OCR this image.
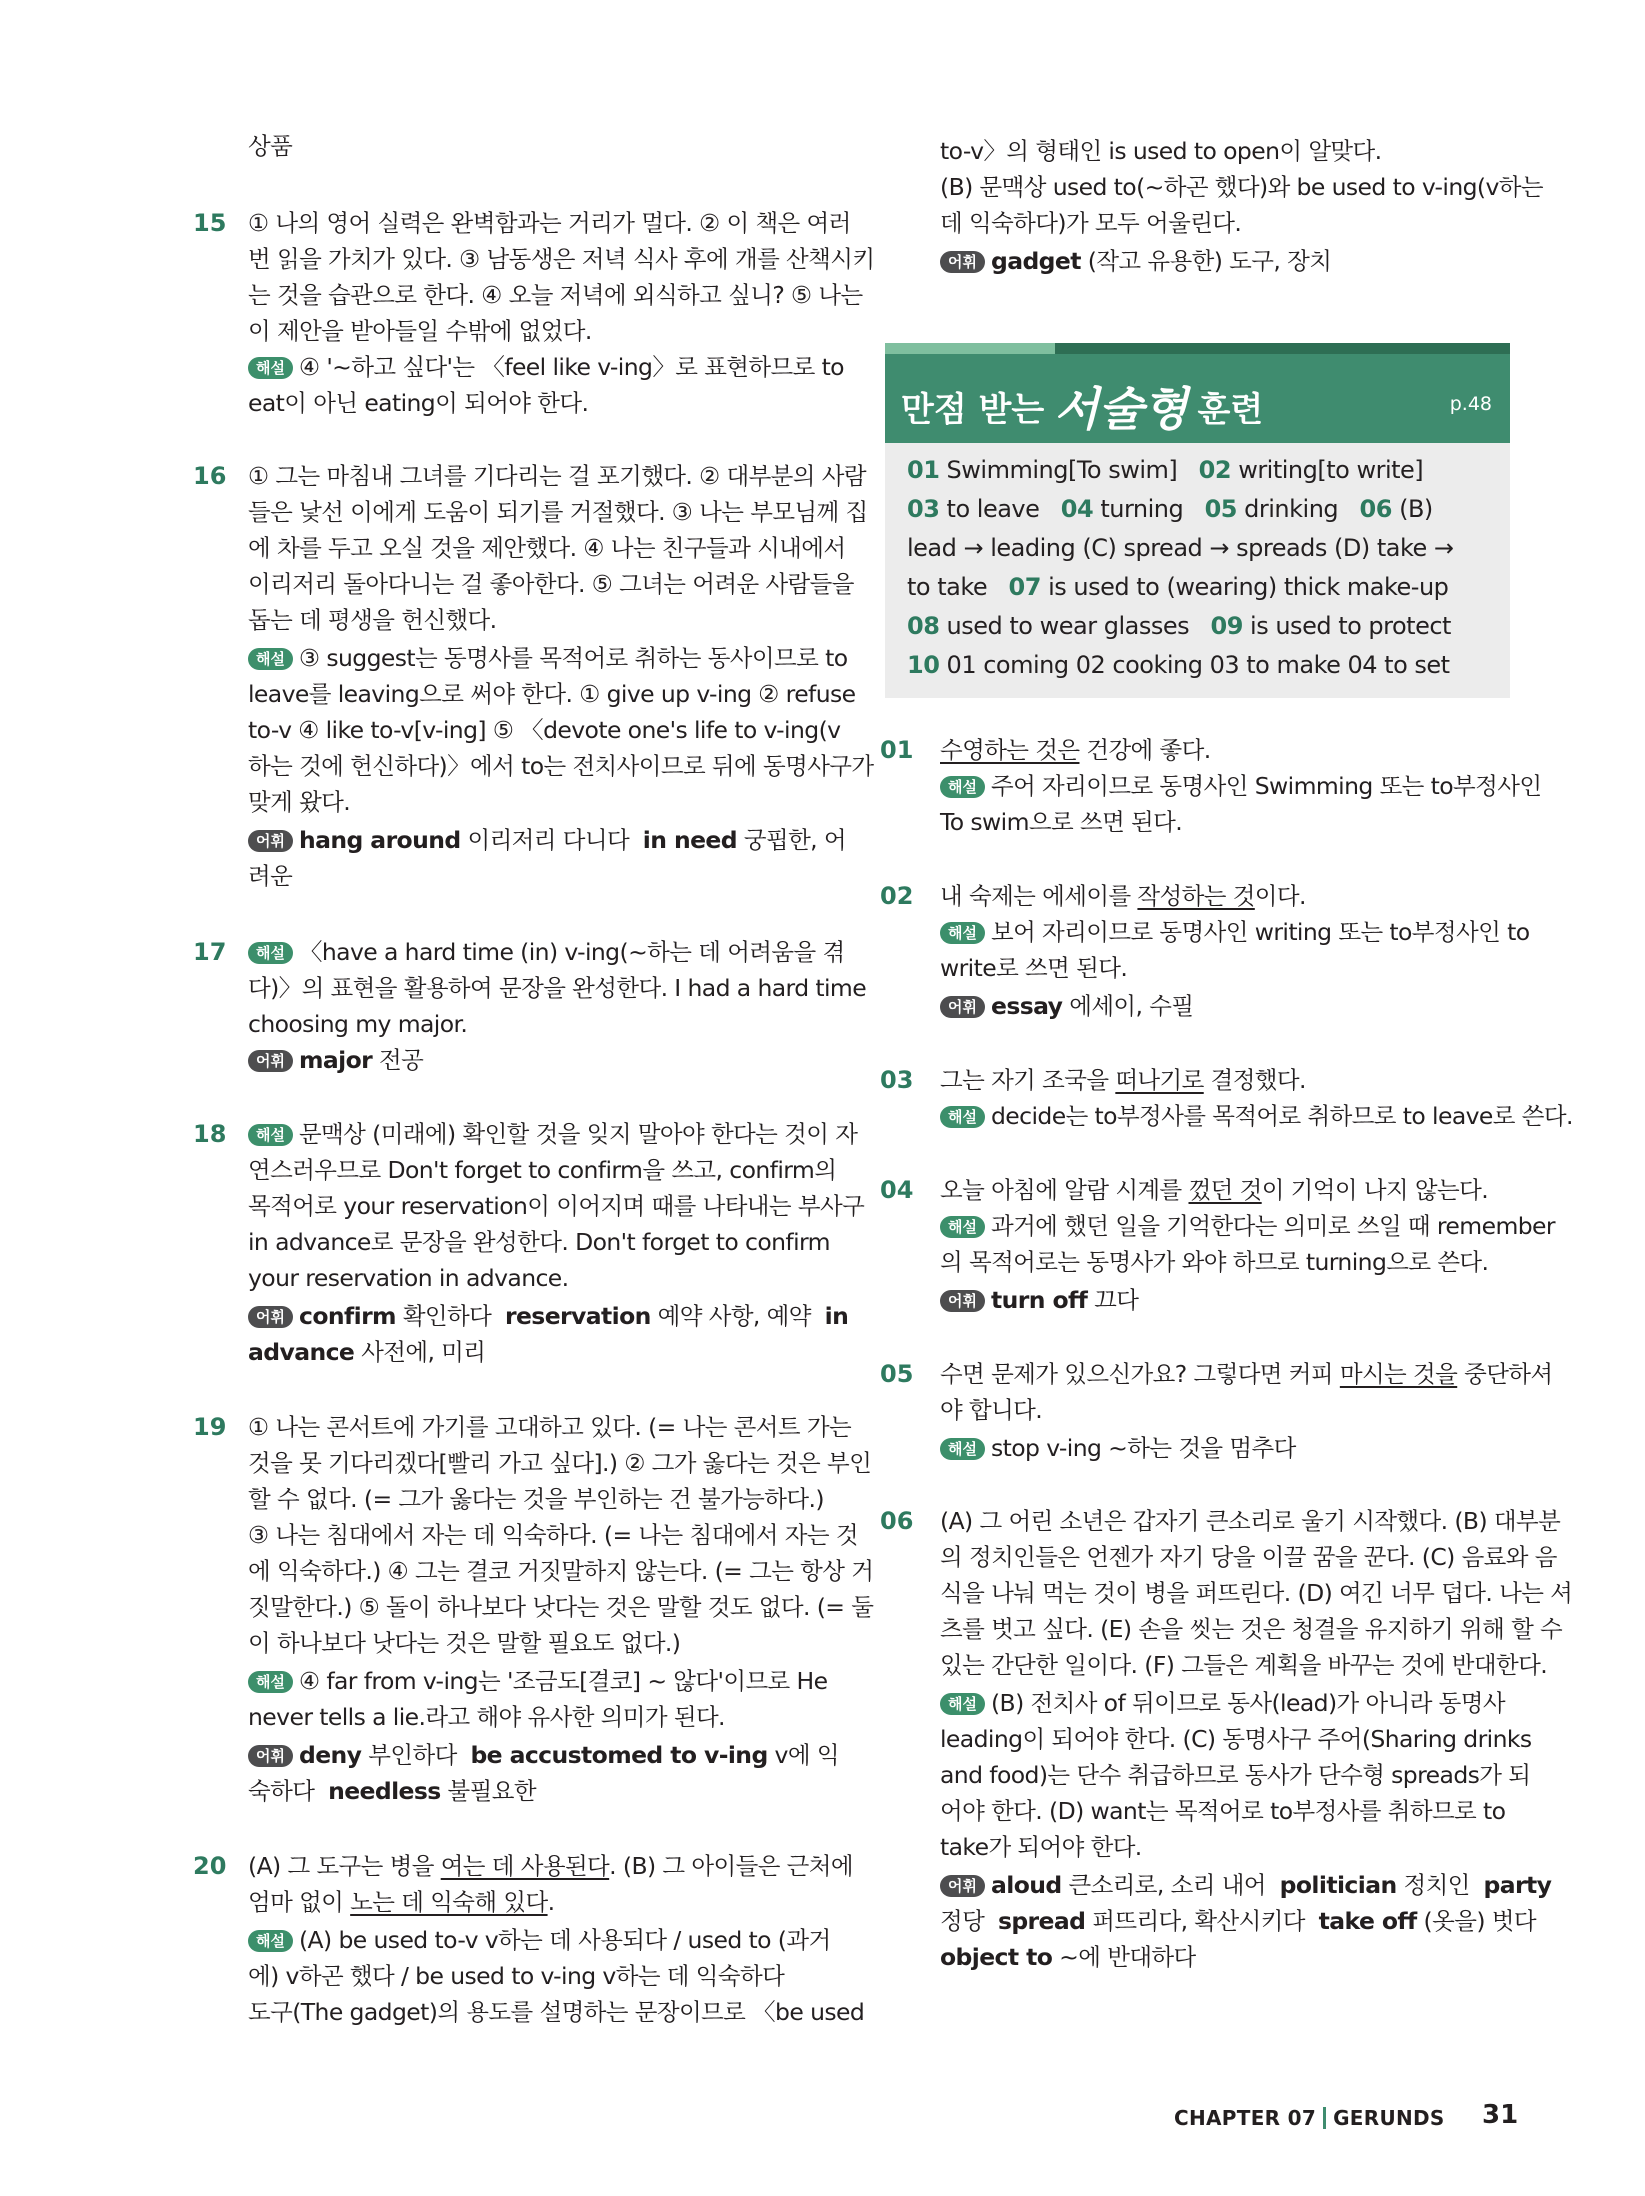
상품
15 ① 나의 영어 실력은 완벽함과는 거리가 멀다. ② 이 책은 여러
번 읽을 가치가 있다. ③ 남동생은 저녁 식사 후에 개를 산책시키
는 것을 습관으로 한다. ④ 오늘 저녁에 외식하고 싶니? ⑤ 나는
이 제안을 받아들일 수밖에 없었다.
해설 ④ '~하고 싶다'는 〈feel like v-ing〉로 표현하므로 to
eat이 아닌 eating이 되어야 한다.
16 ① 그는 마침내 그녀를 기다리는 걸 포기했다. ② 대부분의 사람
들은 낯선 이에게 도움이 되기를 거절했다. ③ 나는 부모님께 집
에 차를 두고 오실 것을 제안했다. ④ 나는 친구들과 시내에서
이리저리 돌아다니는 걸 좋아한다. ⑤ 그녀는 어려운 사람들을
돕는 데 평생을 헌신했다.
해설 ③ suggest는 동명사를 목적어로 취하는 동사이므로 to
leave를 leaving으로 써야 한다. ① give up v-ing ② refuse
to-v ④ like to-v[v-ing] ⑤ 〈devote one's life to v-ing(v
하는 것에 헌신하다)〉에서 to는 전치사이므로 뒤에 동명사구가
맞게 왔다.
어휘 hang around 이리저리 다니다 in need 궁핍한, 어
려운
17	해설 〈have a hard time (in) v-ing(~하는 데 어려움을 겪
다)〉의 표현을 활용하여 문장을 완성한다. I had a hard time
choosing my major.
어휘 major 전공
18	해설 문맥상 (미래에) 확인할 것을 잊지 말아야 한다는 것이 자
연스러우므로 Don't forget to confirm을 쓰고, confirm의
목적어로 your reservation이 이어지며 때를 나타내는 부사구
in advance로 문장을 완성한다. Don't forget to confirm
your reservation in advance.
어휘 confirm 확인하다 reservation 예약 사항, 예약 in
advance 사전에, 미리
19 ① 나는 콘서트에 가기를 고대하고 있다. (= 나는 콘서트 가는
것을 못 기다리겠다[빨리 가고 싶다].) ② 그가 옳다는 것은 부인
할 수 없다. (= 그가 옳다는 것을 부인하는 건 불가능하다.)
③ 나는 침대에서 자는 데 익숙하다. (= 나는 침대에서 자는 것
에 익숙하다.) ④ 그는 결코 거짓말하지 않는다. (= 그는 항상 거
짓말한다.) ⑤ 돌이 하나보다 낫다는 것은 말할 것도 없다. (= 둘
이 하나보다 낫다는 것은 말할 필요도 없다.)
해설 ④ far from v-ing는 '조금도[결코] ~ 않다'이므로 He
never tells a lie.라고 해야 유사한 의미가 된다.
어휘 deny 부인하다 be accustomed to v-ing v에 익
숙하다 needless 불필요한
20 (A) 그 도구는 병을 여는 데 사용된다. (B) 그 아이들은 근처에
엄마 없이 노는 데 익숙해 있다.
해설 (A) be used to-v v하는 데 사용되다 / used to (과거
에) v하곤 했다 / be used to v-ing v하는 데 익숙하다
도구(The gadget)의 용도를 설명하는 문장이므로 〈be used
to-v〉의 형태인 is used to open이 알맞다.
(B) 문맥상 used to(~하곤 했다)와 be used to v-ing(v하는
데 익숙하다)가 모두 어울린다.
어휘 gadget (작고 유용한) 도구, 장치
만점 받는 서술형 훈련	p.48
01 Swimming[To swim] 02 writing[to write]
03 to leave 04 turning 05 drinking 06 (B)
lead → leading (C) spread → spreads (D) take →
to take 07 is used to (wearing) thick make-up
08 used to wear glasses 09 is used to protect
10 01 coming 02 cooking 03 to make 04 to set
01 수영하는 것은 건강에 좋다.
해설 주어 자리이므로 동명사인 Swimming 또는 to부정사인
To swim으로 쓰면 된다.
02 내 숙제는 에세이를 작성하는 것이다.
해설 보어 자리이므로 동명사인 writing 또는 to부정사인 to
write로 쓰면 된다.
어휘 essay 에세이, 수필
03 그는 자기 조국을 떠나기로 결정했다.
해설 decide는 to부정사를 목적어로 취하므로 to leave로 쓴다.
04 오늘 아침에 알람 시계를 껐던 것이 기억이 나지 않는다.
해설 과거에 했던 일을 기억한다는 의미로 쓰일 때 remember
의 목적어로는 동명사가 와야 하므로 turning으로 쓴다.
어휘 turn off 끄다
05 수면 문제가 있으신가요? 그렇다면 커피 마시는 것을 중단하셔
야 합니다.
해설 stop v-ing ~하는 것을 멈추다
06 (A) 그 어린 소년은 갑자기 큰소리로 울기 시작했다. (B) 대부분
의 정치인들은 언젠가 자기 당을 이끌 꿈을 꾼다. (C) 음료와 음
식을 나눠 먹는 것이 병을 퍼뜨린다. (D) 여긴 너무 덥다. 나는 셔
츠를 벗고 싶다. (E) 손을 씻는 것은 청결을 유지하기 위해 할 수
있는 간단한 일이다. (F) 그들은 계획을 바꾸는 것에 반대한다.
해설 (B) 전치사 of 뒤이므로 동사(lead)가 아니라 동명사
leading이 되어야 한다. (C) 동명사구 주어(Sharing drinks
and food)는 단수 취급하므로 동사가 단수형 spreads가 되
어야 한다. (D) want는 목적어로 to부정사를 취하므로 to
take가 되어야 한다.
어휘 aloud 큰소리로, 소리 내어 politician 정치인 party
정당 spread 퍼뜨리다, 확산시키다 take off (옷을) 벗다
object to ~에 반대하다
CHAPTER 07 GERUNDS 31
